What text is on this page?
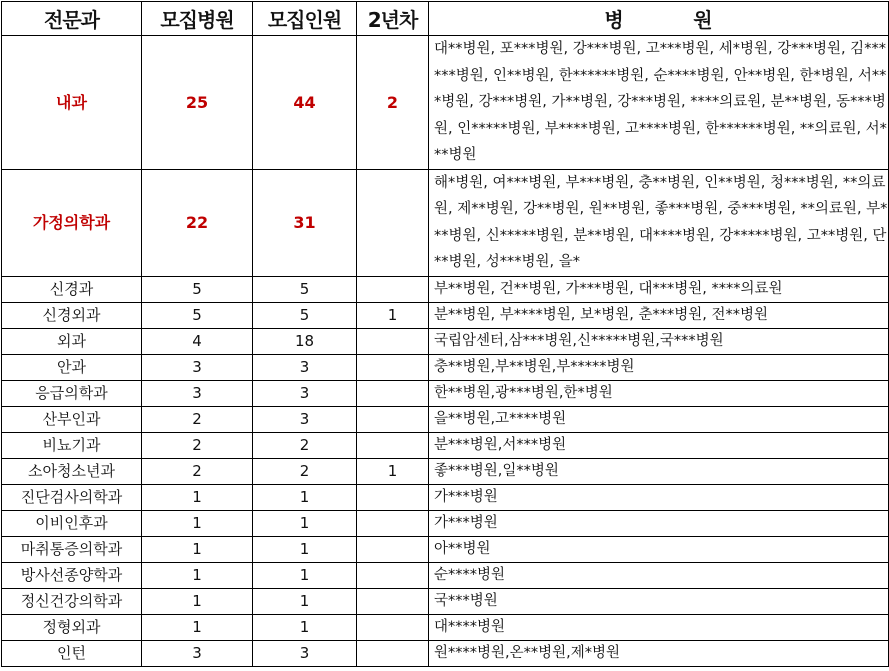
전문과	모집병원	모집인원	2년차	병          원
내과	25	44	2	대**병원, 포***병원, 강***병원, 고***병원, 세*병원, 강***병원, 김******병원, 인**병원, 한******병원, 순****병원, 안**병원, 한*병원, 서***병원, 강***병원, 가**병원, 강***병원, ****의료원, 분**병원, 동***병원, 인*****병원, 부****병원, 고****병원, 한******병원, **의료원, 서***병원
가정의학과	22	31		해*병원, 여***병원, 부***병원, 충**병원, 인**병원, 청***병원, **의료원, 제**병원, 강**병원, 원**병원, 좋***병원, 중***병원, **의료원, 부***병원, 신*****병원, 분**병원, 대****병원, 강*****병원, 고**병원, 단**병원, 성***병원, 을*
신경과	5	5		부**병원, 건**병원, 가***병원, 대***병원, ****의료원
신경외과	5	5	1	분**병원, 부****병원, 보*병원, 춘***병원, 전**병원
외과	4	18		국립암센터,삼***병원,신*****병원,국***병원
안과	3	3		충**병원,부**병원,부*****병원
응급의학과	3	3		한**병원,광***병원,한*병원
산부인과	2	3		을**병원,고****병원
비뇨기과	2	2		분***병원,서***병원
소아청소년과	2	2	1	좋***병원,일**병원
진단검사의학과	1	1		가***병원
이비인후과	1	1		가***병원
마취통증의학과	1	1		아**병원
방사선종양학과	1	1		순****병원
정신건강의학과	1	1		국***병원
정형외과	1	1		대****병원
인턴	3	3		원****병원,온**병원,제*병원
